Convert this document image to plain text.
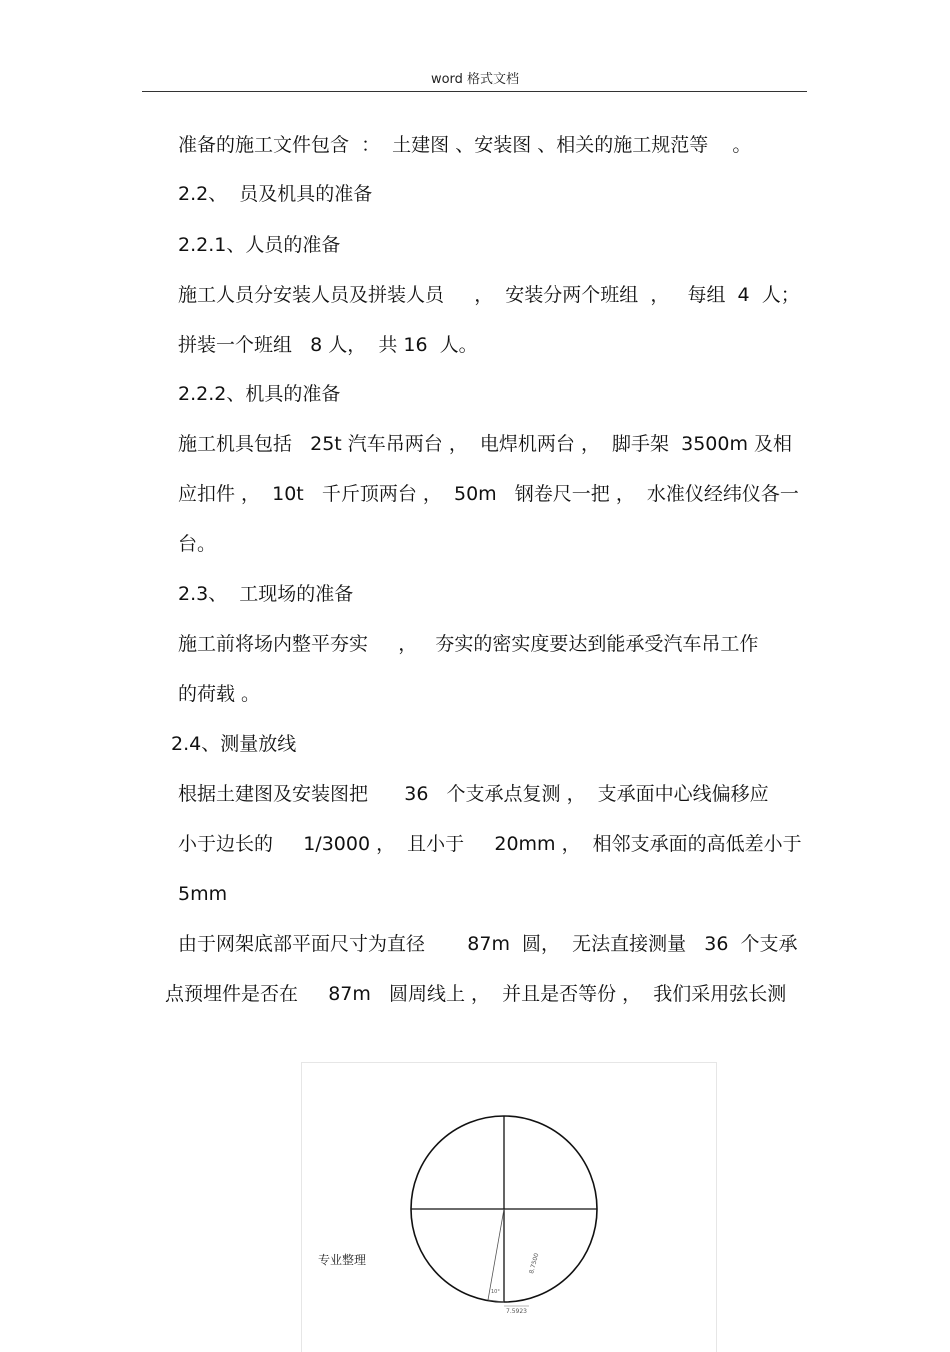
word 格式文档
准备的施工文件包含  ：  土建图 、安装图 、相关的施工规范等    。
2.2、  员及机具的准备
2.2.1、人员的准备
施工人员分安装人员及拼装人员     ，  安装分两个班组  ，   每组  4  人；
拼装一个班组   8 人，  共 16  人。
2.2.2、机具的准备
施工机具包括   25t 汽车吊两台 ，  电焊机两台 ，  脚手架  3500m 及相
应扣件 ，  10t   千斤顶两台 ，  50m   钢卷尺一把 ，  水准仪经纬仪各一
台。
2.3、  工现场的准备
施工前将场内整平夯实     ，   夯实的密实度要达到能承受汽车吊工作
的荷载 。
2.4、测量放线
根据土建图及安装图把      36   个支承点复测 ，  支承面中心线偏移应
小于边长的     1/3000 ，  且小于     20mm ，  相邻支承面的高低差小于
5mm
由于网架底部平面尺寸为直径       87m  圆，  无法直接测量   36  个支承
点预埋件是否在     87m   圆周线上 ，  并且是否等份 ，  我们采用弦长测
专业整理	8.7500
10°
7.5923
